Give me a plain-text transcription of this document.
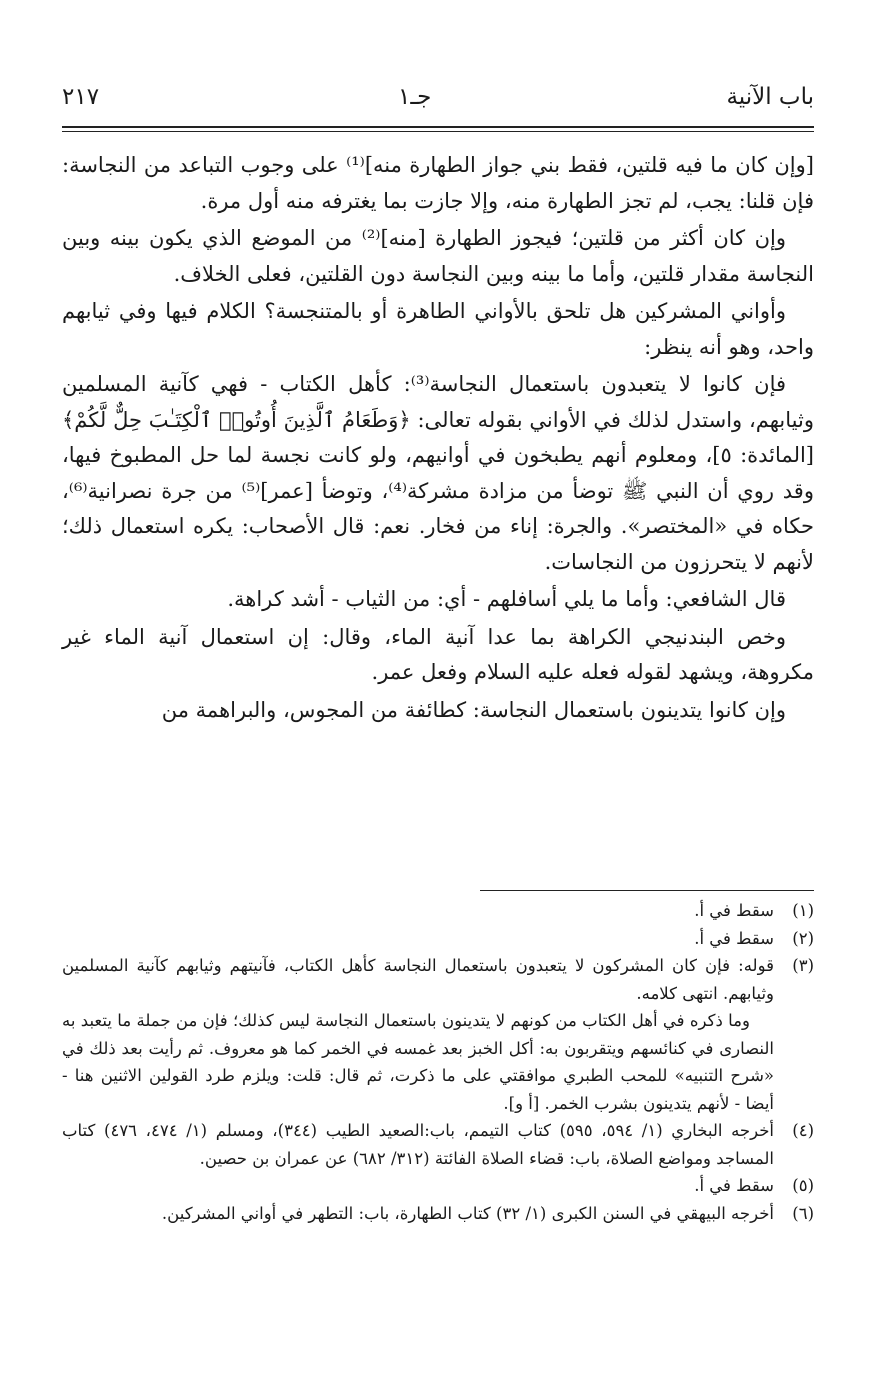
باب الآنية
جـ١
٢١٧

[وإن كان ما فيه قلتين، فقط بني جواز الطهارة منه]⁽¹⁾ على وجوب التباعد من النجاسة: فإن قلنا: يجب، لم تجز الطهارة منه، وإلا جازت بما يغترفه منه أول مرة.

وإن كان أكثر من قلتين؛ فيجوز الطهارة [منه]⁽²⁾ من الموضع الذي يكون بينه وبين النجاسة مقدار قلتين، وأما ما بينه وبين النجاسة دون القلتين، فعلى الخلاف.

وأواني المشركين هل تلحق بالأواني الطاهرة أو بالمتنجسة؟ الكلام فيها وفي ثيابهم واحد، وهو أنه ينظر:

فإن كانوا لا يتعبدون باستعمال النجاسة⁽³⁾: كأهل الكتاب - فهي كآنية المسلمين وثيابهم، واستدل لذلك في الأواني بقوله تعالى: ﴿وَطَعَامُ ٱلَّذِينَ أُوتُوا۟ ٱلْكِتَـٰبَ حِلٌّ لَّكُمْ﴾ [المائدة: ٥]، ومعلوم أنهم يطبخون في أوانيهم، ولو كانت نجسة لما حل المطبوخ فيها، وقد روي أن النبي ﷺ توضأ من مزادة مشركة⁽⁴⁾، وتوضأ [عمر]⁽⁵⁾ من جرة نصرانية⁽⁶⁾، حكاه في «المختصر». والجرة: إناء من فخار. نعم: قال الأصحاب: يكره استعمال ذلك؛ لأنهم لا يتحرزون من النجاسات.

قال الشافعي: وأما ما يلي أسافلهم - أي: من الثياب - أشد كراهة.

وخص البندنيجي الكراهة بما عدا آنية الماء، وقال: إن استعمال آنية الماء غير مكروهة، ويشهد لقوله فعله عليه السلام وفعل عمر.

وإن كانوا يتدينون باستعمال النجاسة: كطائفة من المجوس، والبراهمة من

(١)
سقط في أ.
(٢)
سقط في أ.
(٣)
قوله: فإن كان المشركون لا يتعبدون باستعمال النجاسة كأهل الكتاب، فآنيتهم وثيابهم كآنية المسلمين وثيابهم. انتهى كلامه.
وما ذكره في أهل الكتاب من كونهم لا يتدينون باستعمال النجاسة ليس كذلك؛ فإن من جملة ما يتعبد به النصارى في كنائسهم ويتقربون به: أكل الخبز بعد غمسه في الخمر كما هو معروف. ثم رأيت بعد ذلك في «شرح التنبيه» للمحب الطبري موافقتي على ما ذكرت، ثم قال: قلت: ويلزم طرد القولين الاثنين هنا - أيضا - لأنهم يتدينون بشرب الخمر. [أ و].
(٤)
أخرجه البخاري (١/ ٥٩٤، ٥٩٥) كتاب التيمم، باب:الصعيد الطيب (٣٤٤)، ومسلم (١/ ٤٧٤، ٤٧٦) كتاب المساجد ومواضع الصلاة، باب: قضاء الصلاة الفائتة (٣١٢/ ٦٨٢) عن عمران بن حصين.
(٥)
سقط في أ.
(٦)
أخرجه البيهقي في السنن الكبرى (١/ ٣٢) كتاب الطهارة، باب: التطهر في أواني المشركين.
